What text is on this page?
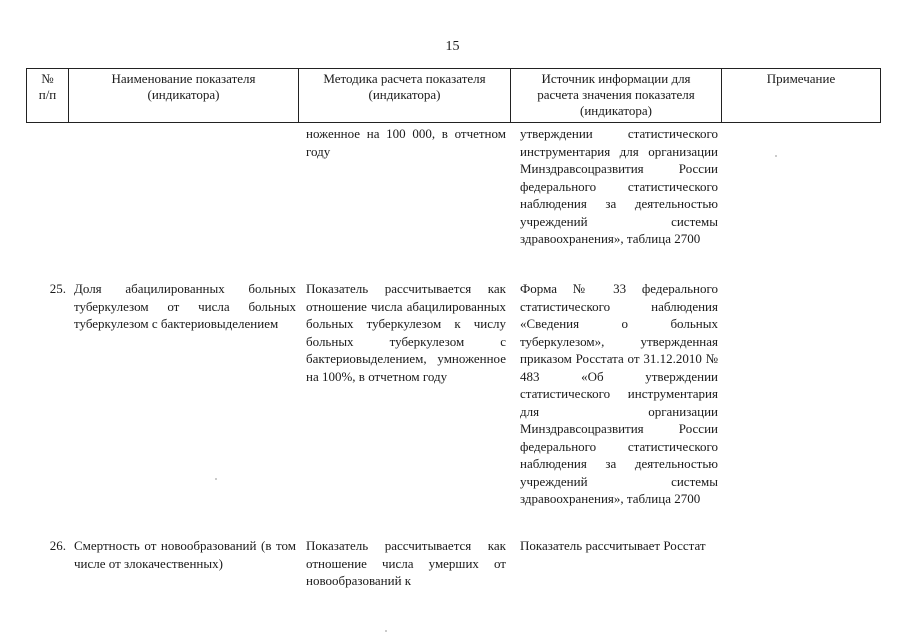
15
№
п/п
Наименование показателя (индикатора)
Методика расчета показателя (индикатора)
Источник информации для расчета значения показателя (индикатора)
Примечание
ноженное на 100 000, в отчетном году
утверждении статистического инструментария для организации Минздравсоцразвития России федерального статистического наблюдения за деятельностью учреждений системы здравоохранения», таблица 2700
25. Доля абацилированных больных туберкулезом от числа больных туберкулезом с бактериовыделением
Показатель рассчитывается как отношение числа абацилированных больных туберкулезом к числу больных туберкулезом с бактериовыделением, умноженное на 100%, в отчетном году
Форма № 33 федерального статистического наблюдения «Сведения о больных туберкулезом», утвержденная приказом Росстата от 31.12.2010 № 483 «Об утверждении статистического инструментария для организации Минздравсоцразвития России федерального статистического наблюдения за деятельностью учреждений системы здравоохранения», таблица 2700
26. Смертность от новообразований (в том числе от злокачественных)
Показатель рассчитывается как отношение числа умерших от новообразований к
Показатель рассчитывает Росстат
